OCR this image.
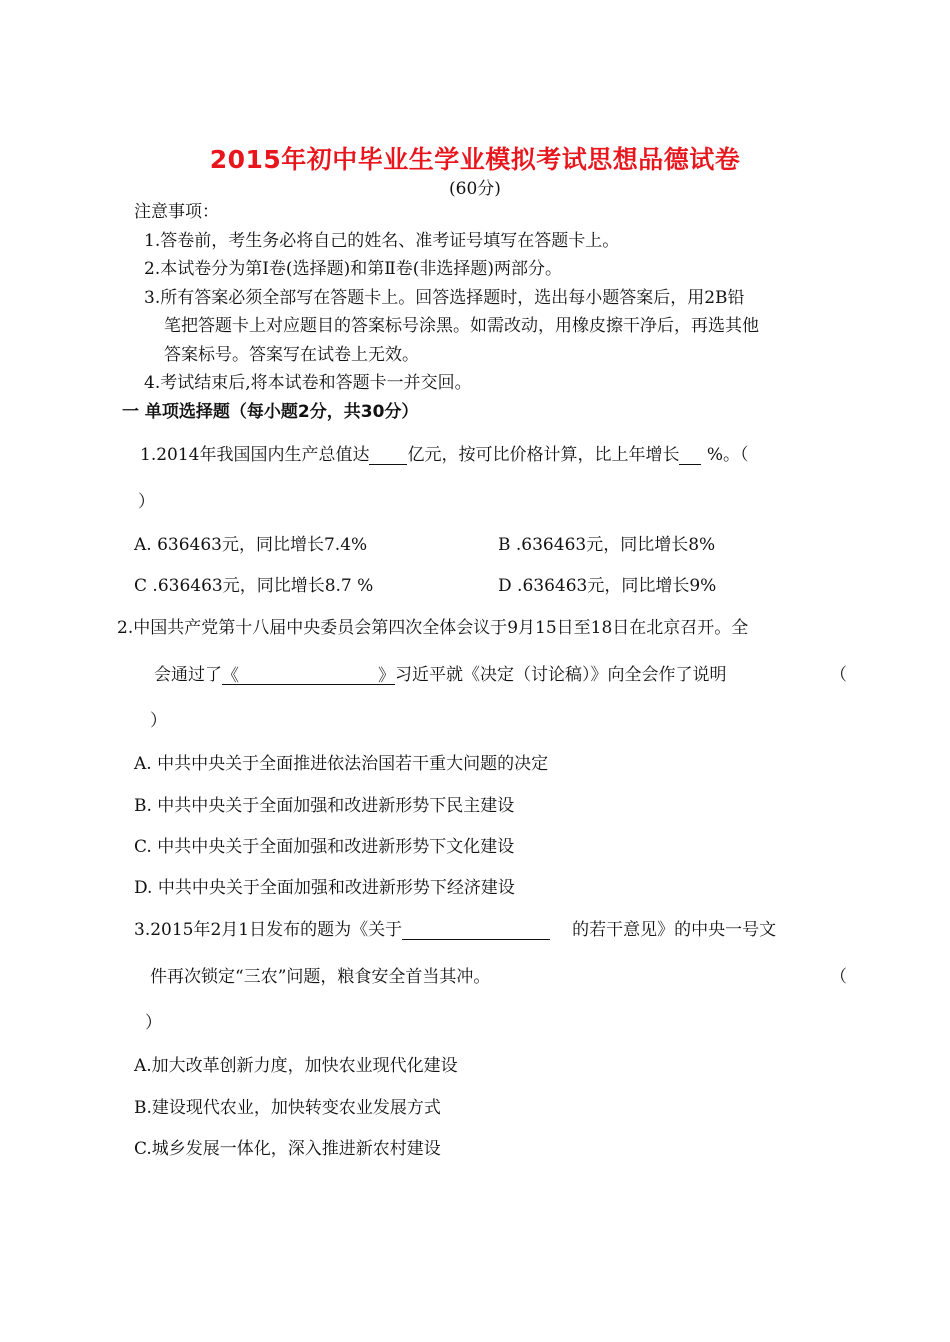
2015年初中毕业生学业模拟考试思想品德试卷
(60分)
注意事项：
1.答卷前，考生务必将自己的姓名、准考证号填写在答题卡上。
2.本试卷分为第Ⅰ卷(选择题)和第Ⅱ卷(非选择题)两部分。
3.所有答案必须全部写在答题卡上。回答选择题时，选出每小题答案后，用2B铅
笔把答题卡上对应题目的答案标号涂黑。如需改动，用橡皮擦干净后，再选其他
答案标号。答案写在试卷上无效。
4.考试结束后,将本试卷和答题卡一并交回。
一 单项选择题（每小题2分，共30分）
1.2014年我国国内生产总值达 亿元，按可比价格计算，比上年增长 %。（
）
A. 636463元，同比增长7.4%	B .636463元，同比增长8%
C .636463元，同比增长8.7 %	D .636463元，同比增长9%
2.中国共产党第十八届中央委员会第四次全体会议于9月15日至18日在北京召开。全
会通过了 《	》 习近平就《决定（讨论稿）》向全会作了说明	（
）
A. 中共中央关于全面推进依法治国若干重大问题的决定
B. 中共中央关于全面加强和改进新形势下民主建设
C. 中共中央关于全面加强和改进新形势下文化建设
D. 中共中央关于全面加强和改进新形势下经济建设
3.2015年2月1日发布的题为《关于	的若干意见》的中央一号文
件再次锁定“三农”问题，粮食安全首当其冲。	（
）
A.加大改革创新力度，加快农业现代化建设
B.建设现代农业，加快转变农业发展方式
C.城乡发展一体化，深入推进新农村建设
